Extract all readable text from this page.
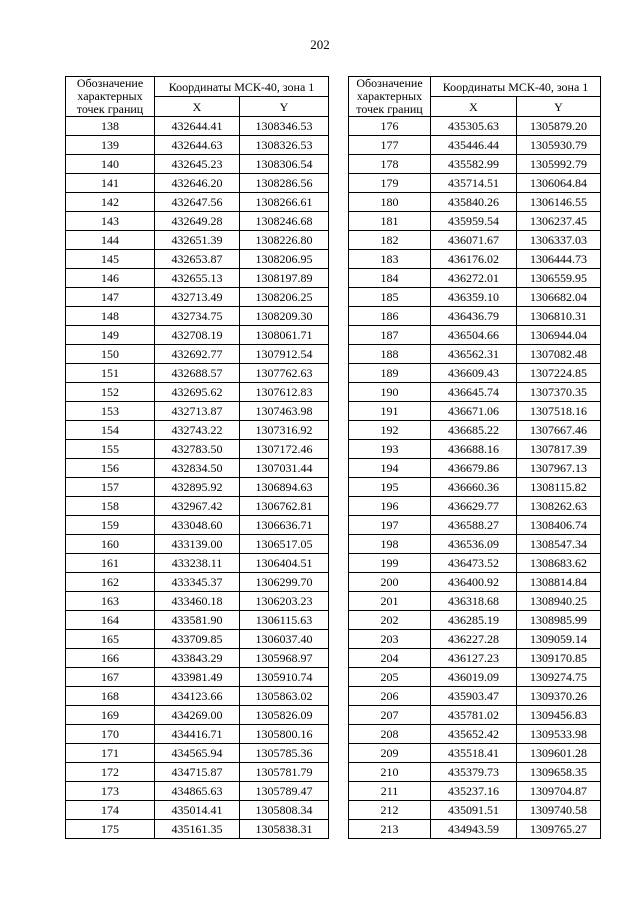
202
Обозначение
характерных
точек границ	Координаты МСК-40, зона 1	
	X	Y
138	432644.41	1308346.53
139	432644.63	1308326.53
140	432645.23	1308306.54
141	432646.20	1308286.56
142	432647.56	1308266.61
143	432649.28	1308246.68
144	432651.39	1308226.80
145	432653.87	1308206.95
146	432655.13	1308197.89
147	432713.49	1308206.25
148	432734.75	1308209.30
149	432708.19	1308061.71
150	432692.77	1307912.54
151	432688.57	1307762.63
152	432695.62	1307612.83
153	432713.87	1307463.98
154	432743.22	1307316.92
155	432783.50	1307172.46
156	432834.50	1307031.44
157	432895.92	1306894.63
158	432967.42	1306762.81
159	433048.60	1306636.71
160	433139.00	1306517.05
161	433238.11	1306404.51
162	433345.37	1306299.70
163	433460.18	1306203.23
164	433581.90	1306115.63
165	433709.85	1306037.40
166	433843.29	1305968.97
167	433981.49	1305910.74
168	434123.66	1305863.02
169	434269.00	1305826.09
170	434416.71	1305800.16
171	434565.94	1305785.36
172	434715.87	1305781.79
173	434865.63	1305789.47
174	435014.41	1305808.34
175	435161.35	1305838.31
Обозначение
характерных
точек границ	Координаты МСК-40, зона 1	
	X	Y
176	435305.63	1305879.20
177	435446.44	1305930.79
178	435582.99	1305992.79
179	435714.51	1306064.84
180	435840.26	1306146.55
181	435959.54	1306237.45
182	436071.67	1306337.03
183	436176.02	1306444.73
184	436272.01	1306559.95
185	436359.10	1306682.04
186	436436.79	1306810.31
187	436504.66	1306944.04
188	436562.31	1307082.48
189	436609.43	1307224.85
190	436645.74	1307370.35
191	436671.06	1307518.16
192	436685.22	1307667.46
193	436688.16	1307817.39
194	436679.86	1307967.13
195	436660.36	1308115.82
196	436629.77	1308262.63
197	436588.27	1308406.74
198	436536.09	1308547.34
199	436473.52	1308683.62
200	436400.92	1308814.84
201	436318.68	1308940.25
202	436285.19	1308985.99
203	436227.28	1309059.14
204	436127.23	1309170.85
205	436019.09	1309274.75
206	435903.47	1309370.26
207	435781.02	1309456.83
208	435652.42	1309533.98
209	435518.41	1309601.28
210	435379.73	1309658.35
211	435237.16	1309704.87
212	435091.51	1309740.58
213	434943.59	1309765.27
